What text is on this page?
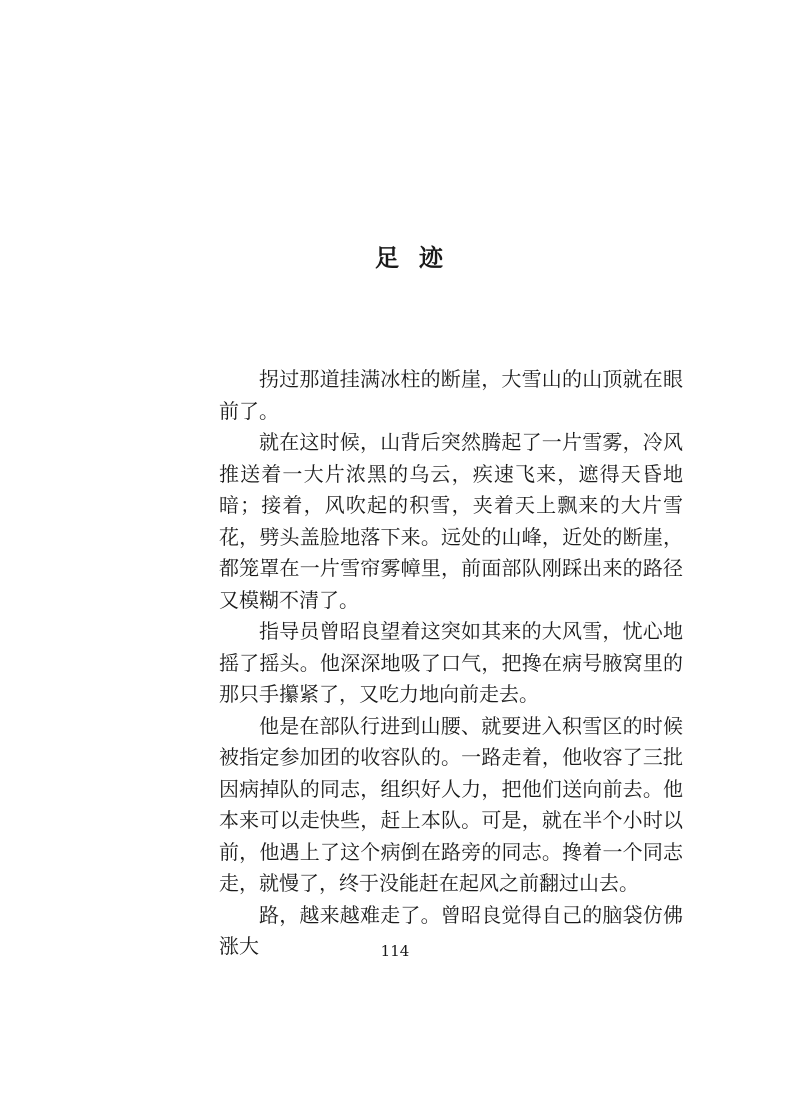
足迹

拐过那道挂满冰柱的断崖，大雪山的山顶就在眼前了。

就在这时候，山背后突然腾起了一片雪雾，冷风推送着一大片浓黑的乌云，疾速飞来，遮得天昏地暗；接着，风吹起的积雪，夹着天上飘来的大片雪花，劈头盖脸地落下来。远处的山峰，近处的断崖，都笼罩在一片雪帘雾幛里，前面部队刚踩出来的路径又模糊不清了。

指导员曾昭良望着这突如其来的大风雪，忧心地摇了摇头。他深深地吸了口气，把搀在病号腋窝里的那只手攥紧了，又吃力地向前走去。

他是在部队行进到山腰、就要进入积雪区的时候被指定参加团的收容队的。一路走着，他收容了三批因病掉队的同志，组织好人力，把他们送向前去。他本来可以走快些，赶上本队。可是，就在半个小时以前，他遇上了这个病倒在路旁的同志。搀着一个同志走，就慢了，终于没能赶在起风之前翻过山去。

路，越来越难走了。曾昭良觉得自己的脑袋仿佛涨大	114
